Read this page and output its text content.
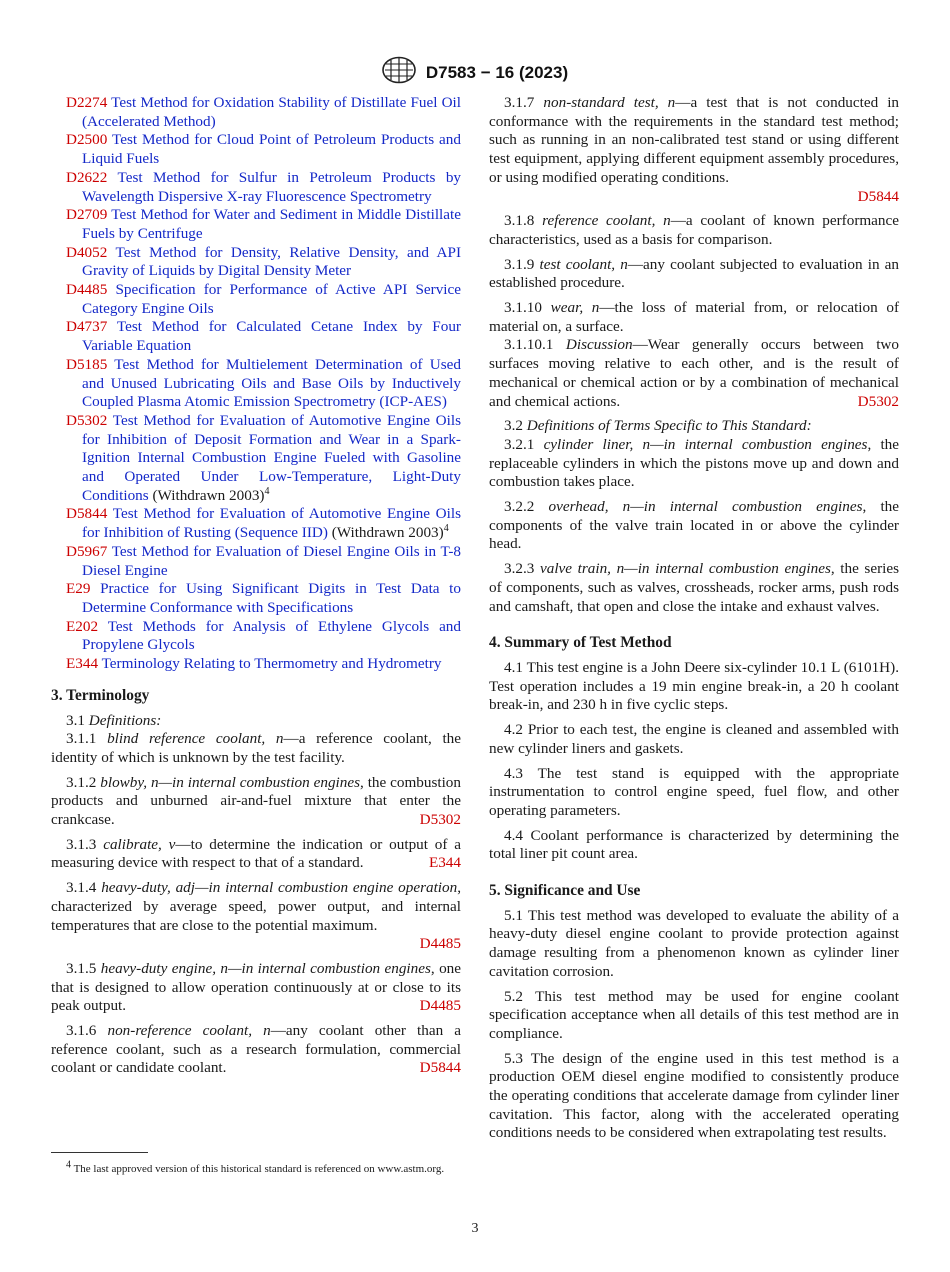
D7583 − 16 (2023)

D2274 Test Method for Oxidation Stability of Distillate Fuel Oil (Accelerated Method)

D2500 Test Method for Cloud Point of Petroleum Products and Liquid Fuels

D2622 Test Method for Sulfur in Petroleum Products by Wavelength Dispersive X-ray Fluorescence Spectrometry

D2709 Test Method for Water and Sediment in Middle Distillate Fuels by Centrifuge

D4052 Test Method for Density, Relative Density, and API Gravity of Liquids by Digital Density Meter

D4485 Specification for Performance of Active API Service Category Engine Oils

D4737 Test Method for Calculated Cetane Index by Four Variable Equation

D5185 Test Method for Multielement Determination of Used and Unused Lubricating Oils and Base Oils by Inductively Coupled Plasma Atomic Emission Spectrometry (ICP-AES)

D5302 Test Method for Evaluation of Automotive Engine Oils for Inhibition of Deposit Formation and Wear in a Spark-Ignition Internal Combustion Engine Fueled with Gasoline and Operated Under Low-Temperature, Light-Duty Conditions (Withdrawn 2003)$^4$

D5844 Test Method for Evaluation of Automotive Engine Oils for Inhibition of Rusting (Sequence IID) (Withdrawn 2003)$^4$

D5967 Test Method for Evaluation of Diesel Engine Oils in T-8 Diesel Engine

E29 Practice for Using Significant Digits in Test Data to Determine Conformance with Specifications

E202 Test Methods for Analysis of Ethylene Glycols and Propylene Glycols

E344 Terminology Relating to Thermometry and Hydrometry

3. Terminology

3.1 Definitions:

3.1.1 blind reference coolant, n—a reference coolant, the identity of which is unknown by the test facility.

3.1.2 blowby, n—in internal combustion engines, the combustion products and unburned air-and-fuel mixture that enter the crankcase.	D5302

3.1.3 calibrate, v—to determine the indication or output of a measuring device with respect to that of a standard.	E344

3.1.4 heavy-duty, adj—in internal combustion engine operation, characterized by average speed, power output, and internal temperatures that are close to the potential maximum.
D4485

3.1.5 heavy-duty engine, n—in internal combustion engines, one that is designed to allow operation continuously at or close to its peak output.	D4485

3.1.6 non-reference coolant, n—any coolant other than a reference coolant, such as a research formulation, commercial coolant or candidate coolant.	D5844

3.1.7 non-standard test, n—a test that is not conducted in conformance with the requirements in the standard test method; such as running in an non-calibrated test stand or using different test equipment, applying different equipment assembly procedures, or using modified operating conditions.
D5844

3.1.8 reference coolant, n—a coolant of known performance characteristics, used as a basis for comparison.

3.1.9 test coolant, n—any coolant subjected to evaluation in an established procedure.

3.1.10 wear, n—the loss of material from, or relocation of material on, a surface.

3.1.10.1 Discussion—Wear generally occurs between two surfaces moving relative to each other, and is the result of mechanical or chemical action or by a combination of mechanical and chemical actions.	D5302

3.2 Definitions of Terms Specific to This Standard:

3.2.1 cylinder liner, n—in internal combustion engines, the replaceable cylinders in which the pistons move up and down and combustion takes place.

3.2.2 overhead, n—in internal combustion engines, the components of the valve train located in or above the cylinder head.

3.2.3 valve train, n—in internal combustion engines, the series of components, such as valves, crossheads, rocker arms, push rods and camshaft, that open and close the intake and exhaust valves.

4. Summary of Test Method

4.1 This test engine is a John Deere six-cylinder 10.1 L (6101H). Test operation includes a 19 min engine break-in, a 20 h coolant break-in, and 230 h in five cyclic steps.

4.2 Prior to each test, the engine is cleaned and assembled with new cylinder liners and gaskets.

4.3 The test stand is equipped with the appropriate instrumentation to control engine speed, fuel flow, and other operating parameters.

4.4 Coolant performance is characterized by determining the total liner pit count area.

5. Significance and Use

5.1 This test method was developed to evaluate the ability of a heavy-duty diesel engine coolant to provide protection against damage resulting from a phenomenon known as cylinder liner cavitation corrosion.

5.2 This test method may be used for engine coolant specification acceptance when all details of this test method are in compliance.

5.3 The design of the engine used in this test method is a production OEM diesel engine modified to consistently produce the operating conditions that accelerate damage from cylinder liner cavitation. This factor, along with the accelerated operating conditions needs to be considered when extrapolating test results.

$^4$ The last approved version of this historical standard is referenced on www.astm.org.
3
